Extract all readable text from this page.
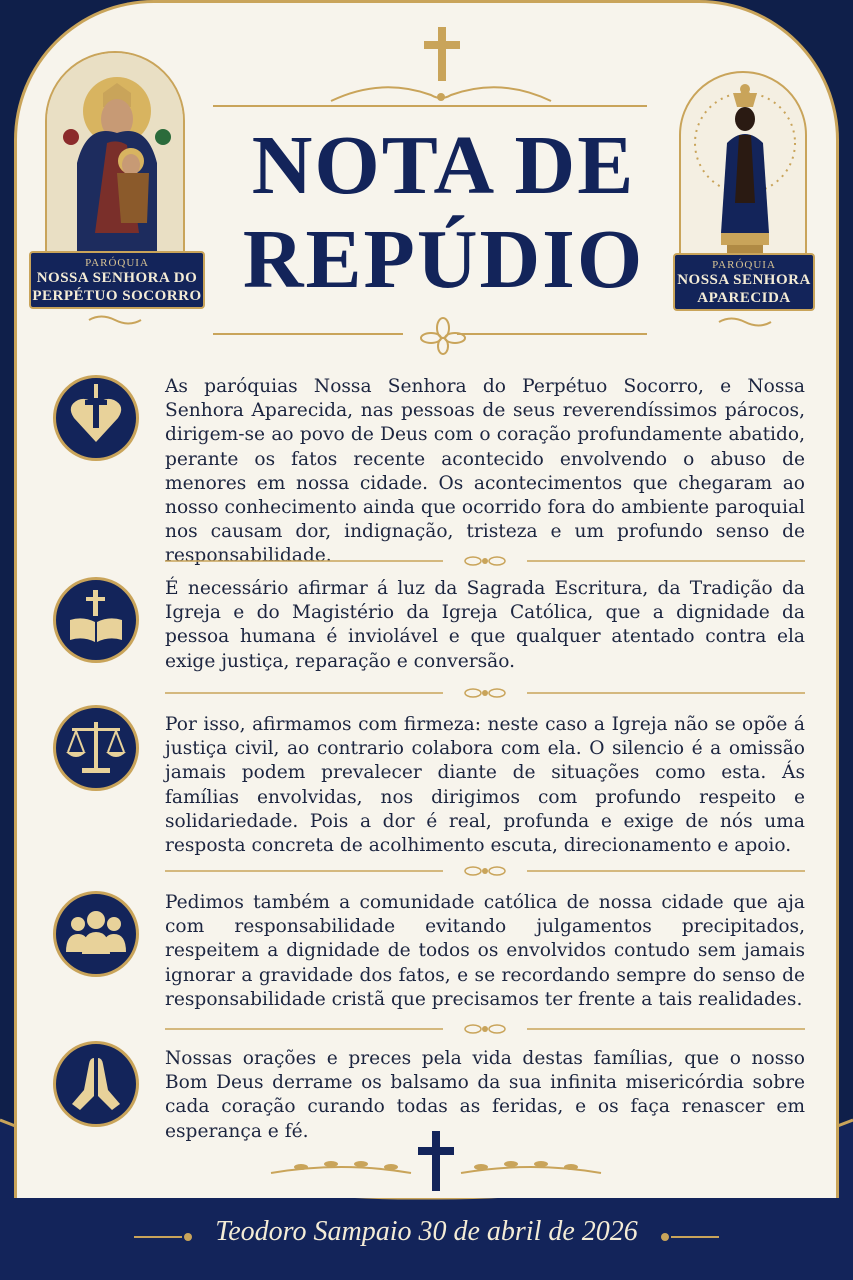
NOTA DE
REPÚDIO
PARÓQUIA
NOSSA SENHORA DO
PERPÉTUO SOCORRO
PARÓQUIA
NOSSA SENHORA
APARECIDA
As paróquias Nossa Senhora do Perpétuo Socorro, e Nossa Senhora Aparecida, nas pessoas de seus reverendíssimos párocos, dirigem-se ao povo de Deus com o coração profundamente abatido, perante os fatos recente acontecido envolvendo o abuso de menores em nossa cidade. Os acontecimentos que chegaram ao nosso conhecimento ainda que ocorrido fora do ambiente paroquial nos causam dor, indignação, tristeza e um profundo senso de responsabilidade.
É necessário afirmar á luz da Sagrada Escritura, da Tradição da Igreja e do Magistério da Igreja Católica, que a dignidade da pessoa humana é inviolável e que qualquer atentado contra ela exige justiça, reparação e conversão.
Por isso, afirmamos com firmeza: neste caso a Igreja não se opõe á justiça civil, ao contrario colabora com ela. O silencio é a omissão jamais podem prevalecer diante de situações como esta. Ás famílias envolvidas, nos dirigimos com profundo respeito e solidariedade. Pois a dor é real, profunda e exige de nós uma resposta concreta de acolhimento escuta, direcionamento e apoio.
Pedimos também a comunidade católica de nossa cidade que aja com responsabilidade evitando julgamentos precipitados, respeitem a dignidade de todos os envolvidos contudo sem jamais ignorar a gravidade dos fatos, e se recordando sempre do senso de responsabilidade cristã que precisamos ter frente a tais realidades.
Nossas orações e preces pela vida destas famílias, que o nosso Bom Deus derrame os balsamo da sua infinita misericórdia sobre cada coração curando todas as feridas, e os faça renascer em esperança e fé.
Teodoro Sampaio 30 de abril de 2026
